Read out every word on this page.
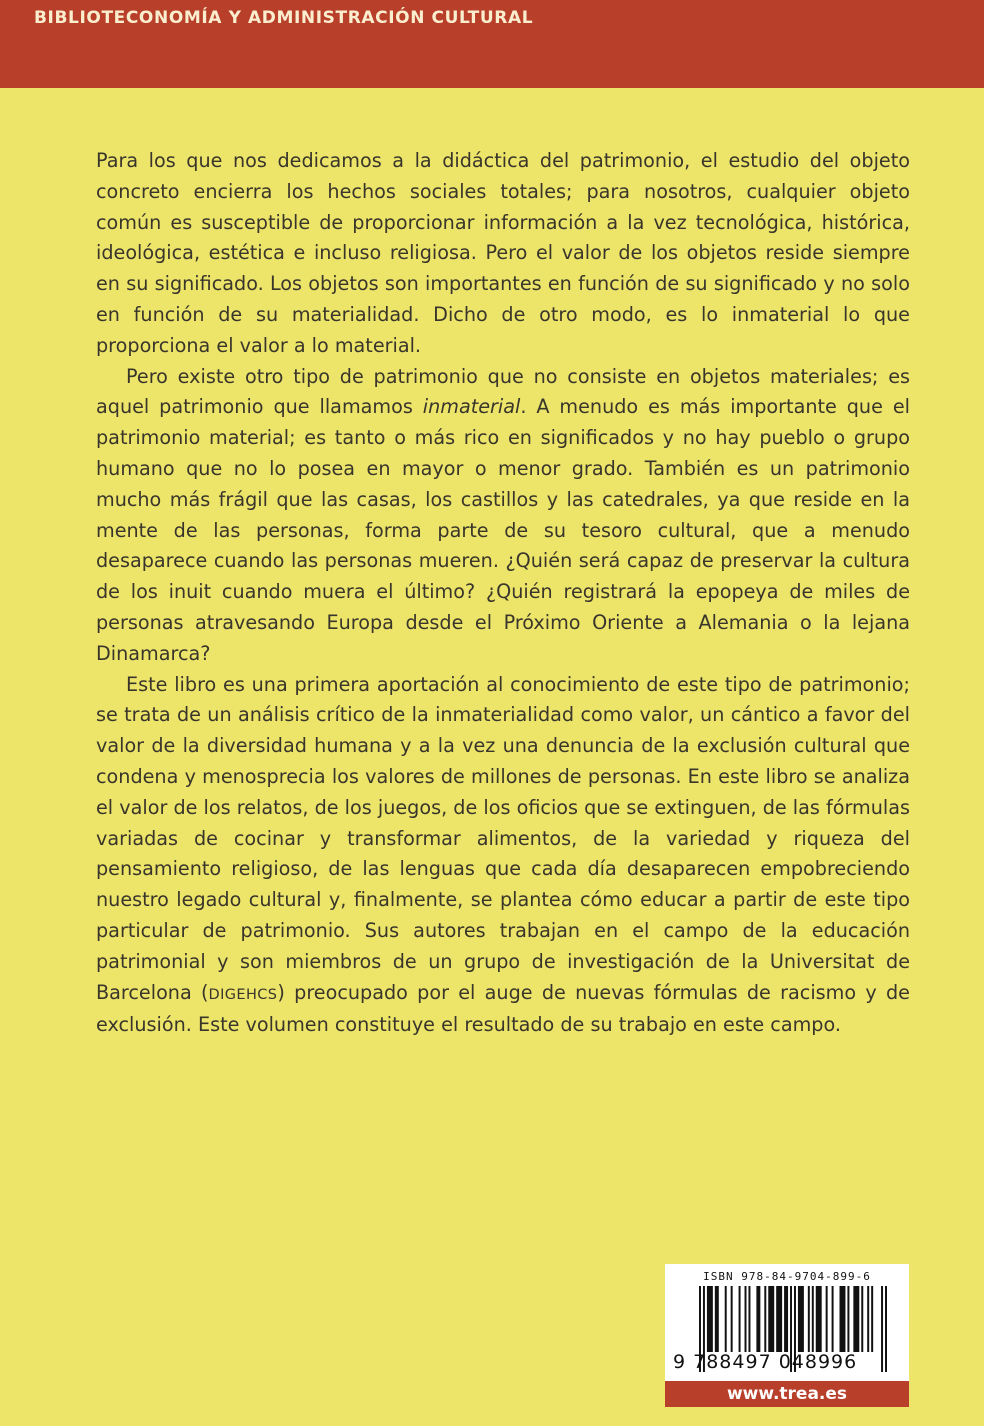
BIBLIOTECONOMÍA Y ADMINISTRACIÓN CULTURAL

Para los que nos dedicamos a la didáctica del patrimonio, el estudio del objeto concreto encierra los hechos sociales totales; para nosotros, cualquier objeto común es susceptible de proporcionar información a la vez tecnológica, histórica, ideológica, estética e incluso religiosa. Pero el valor de los objetos reside siempre en su significado. Los objetos son importantes en función de su significado y no solo en función de su materialidad. Dicho de otro modo, es lo inmaterial lo que proporciona el valor a lo material.

Pero existe otro tipo de patrimonio que no consiste en objetos materiales; es aquel patrimonio que llamamos inmaterial. A menudo es más importante que el patrimonio material; es tanto o más rico en significados y no hay pueblo o grupo humano que no lo posea en mayor o menor grado. También es un patrimonio mucho más frágil que las casas, los castillos y las catedrales, ya que reside en la mente de las personas, forma parte de su tesoro cultural, que a menudo desaparece cuando las personas mueren. ¿Quién será capaz de preservar la cultura de los inuit cuando muera el último? ¿Quién registrará la epopeya de miles de personas atravesando Europa desde el Próximo Oriente a Alemania o la lejana Dinamarca?

Este libro es una primera aportación al conocimiento de este tipo de patrimonio; se trata de un análisis crítico de la inmaterialidad como valor, un cántico a favor del valor de la diversidad humana y a la vez una denuncia de la exclusión cultural que condena y menosprecia los valores de millones de personas. En este libro se analiza el valor de los relatos, de los juegos, de los oficios que se extinguen, de las fórmulas variadas de cocinar y transformar alimentos, de la variedad y riqueza del pensamiento religioso, de las lenguas que cada día desaparecen empobreciendo nuestro legado cultural y, finalmente, se plantea cómo educar a partir de este tipo particular de patrimonio. Sus autores trabajan en el campo de la educación patrimonial y son miembros de un grupo de investigación de la Universitat de Barcelona (DIGEHCS) preocupado por el auge de nuevas fórmulas de racismo y de exclusión. Este volumen constituye el resultado de su trabajo en este campo.

ISBN 978-84-9704-899-6
9 788497 048996
www.trea.es
